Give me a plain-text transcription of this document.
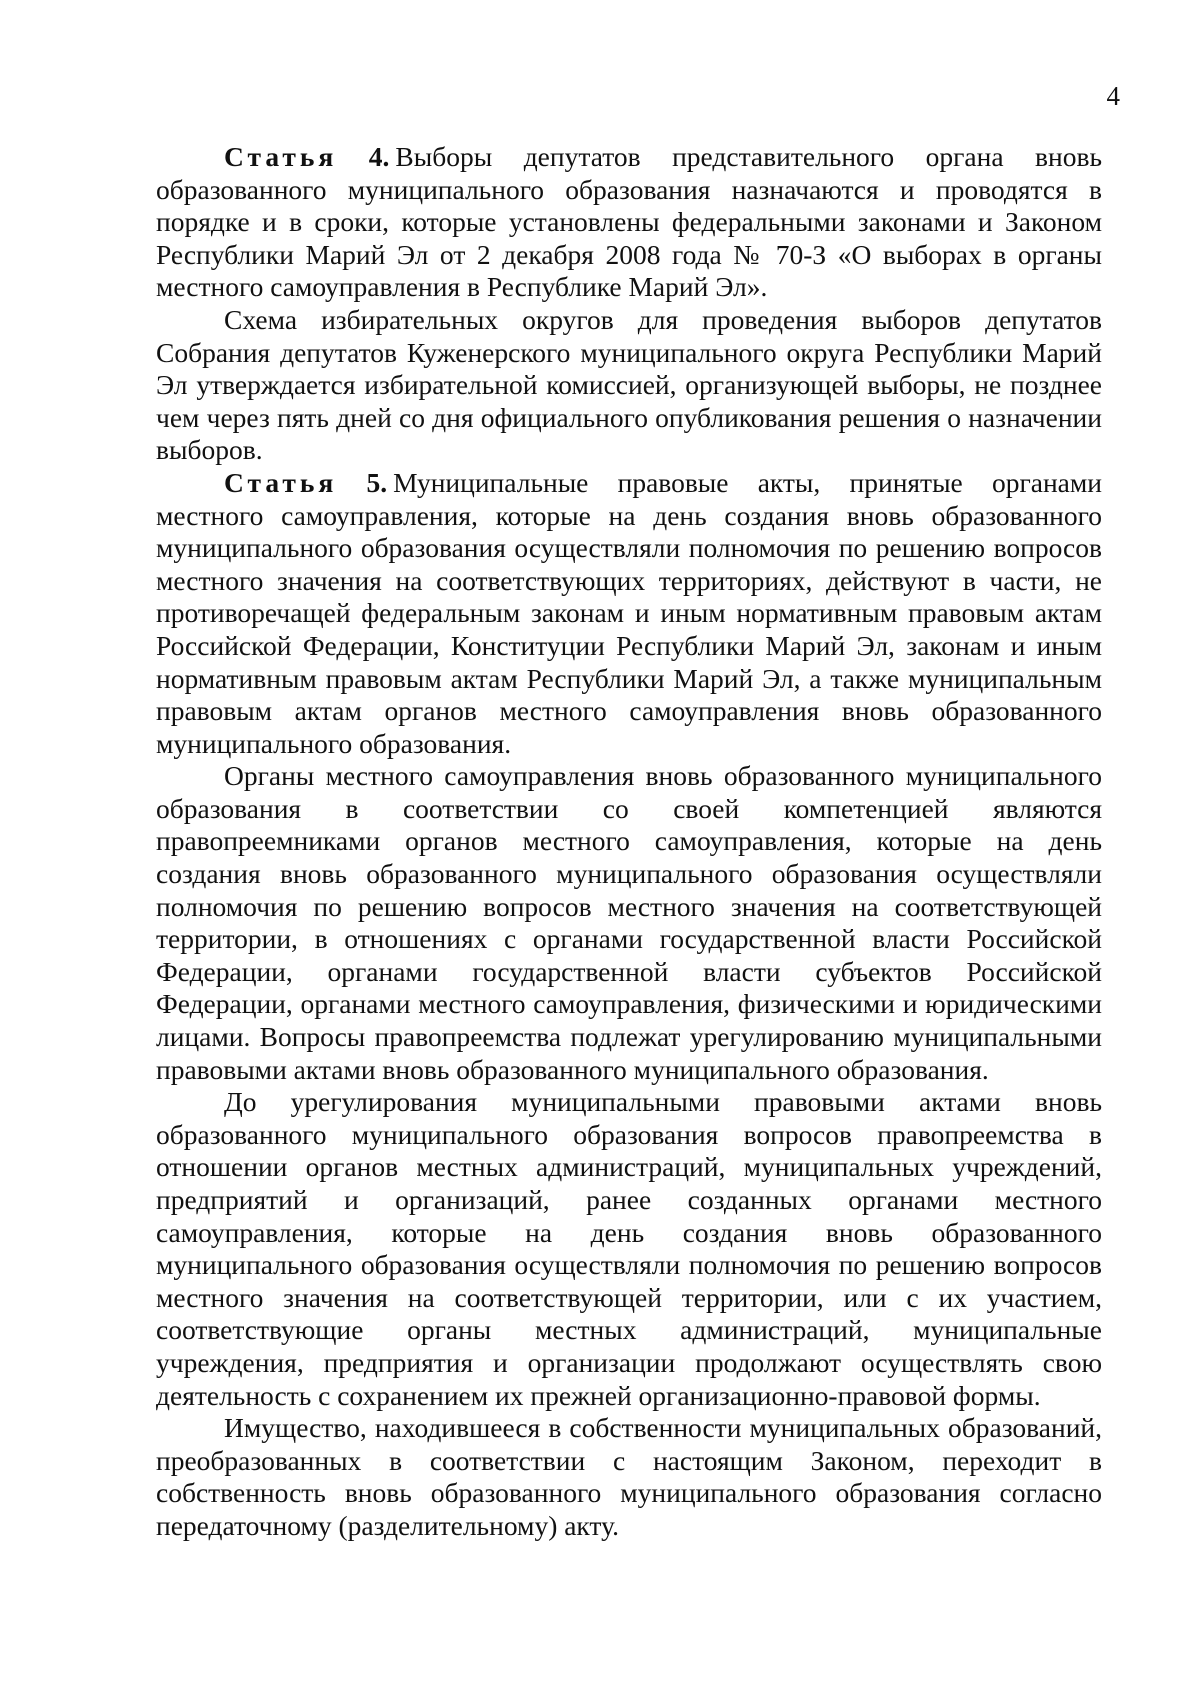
4

Статья 4. Выборы депутатов представительного органа вновь образованного муниципального образования назначаются и проводятся в порядке и в сроки, которые установлены федеральными законами и Законом Республики Марий Эл от 2 декабря 2008 года № 70-З «О выборах в органы местного самоуправления в Республике Марий Эл».

Схема избирательных округов для проведения выборов депутатов Собрания депутатов Куженерского муниципального округа Республики Марий Эл утверждается избирательной комиссией, организующей выборы, не позднее чем через пять дней со дня официального опубликования решения о назначении выборов.

Статья 5. Муниципальные правовые акты, принятые органами местного самоуправления, которые на день создания вновь образованного муниципального образования осуществляли полномочия по решению вопросов местного значения на соответствующих территориях, действуют в части, не противоречащей федеральным законам и иным нормативным правовым актам Российской Федерации, Конституции Республики Марий Эл, законам и иным нормативным правовым актам Республики Марий Эл, а также муниципальным правовым актам органов местного самоуправления вновь образованного муниципального образования.

Органы местного самоуправления вновь образованного муниципального образования в соответствии со своей компетенцией являются правопреемниками органов местного самоуправления, которые на день создания вновь образованного муниципального образования осуществляли полномочия по решению вопросов местного значения на соответствующей территории, в отношениях с органами государственной власти Российской Федерации, органами государственной власти субъектов Российской Федерации, органами местного самоуправления, физическими и юридическими лицами. Вопросы правопреемства подлежат урегулированию муниципальными правовыми актами вновь образованного муниципального образования.

До урегулирования муниципальными правовыми актами вновь образованного муниципального образования вопросов правопреемства в отношении органов местных администраций, муниципальных учреждений, предприятий и организаций, ранее созданных органами местного самоуправления, которые на день создания вновь образованного муниципального образования осуществляли полномочия по решению вопросов местного значения на соответствующей территории, или с их участием, соответствующие органы местных администраций, муниципальные учреждения, предприятия и организации продолжают осуществлять свою деятельность с сохранением их прежней организационно-правовой формы.

Имущество, находившееся в собственности муниципальных образований, преобразованных в соответствии с настоящим Законом, переходит в собственность вновь образованного муниципального образования согласно передаточному (разделительному) акту.
